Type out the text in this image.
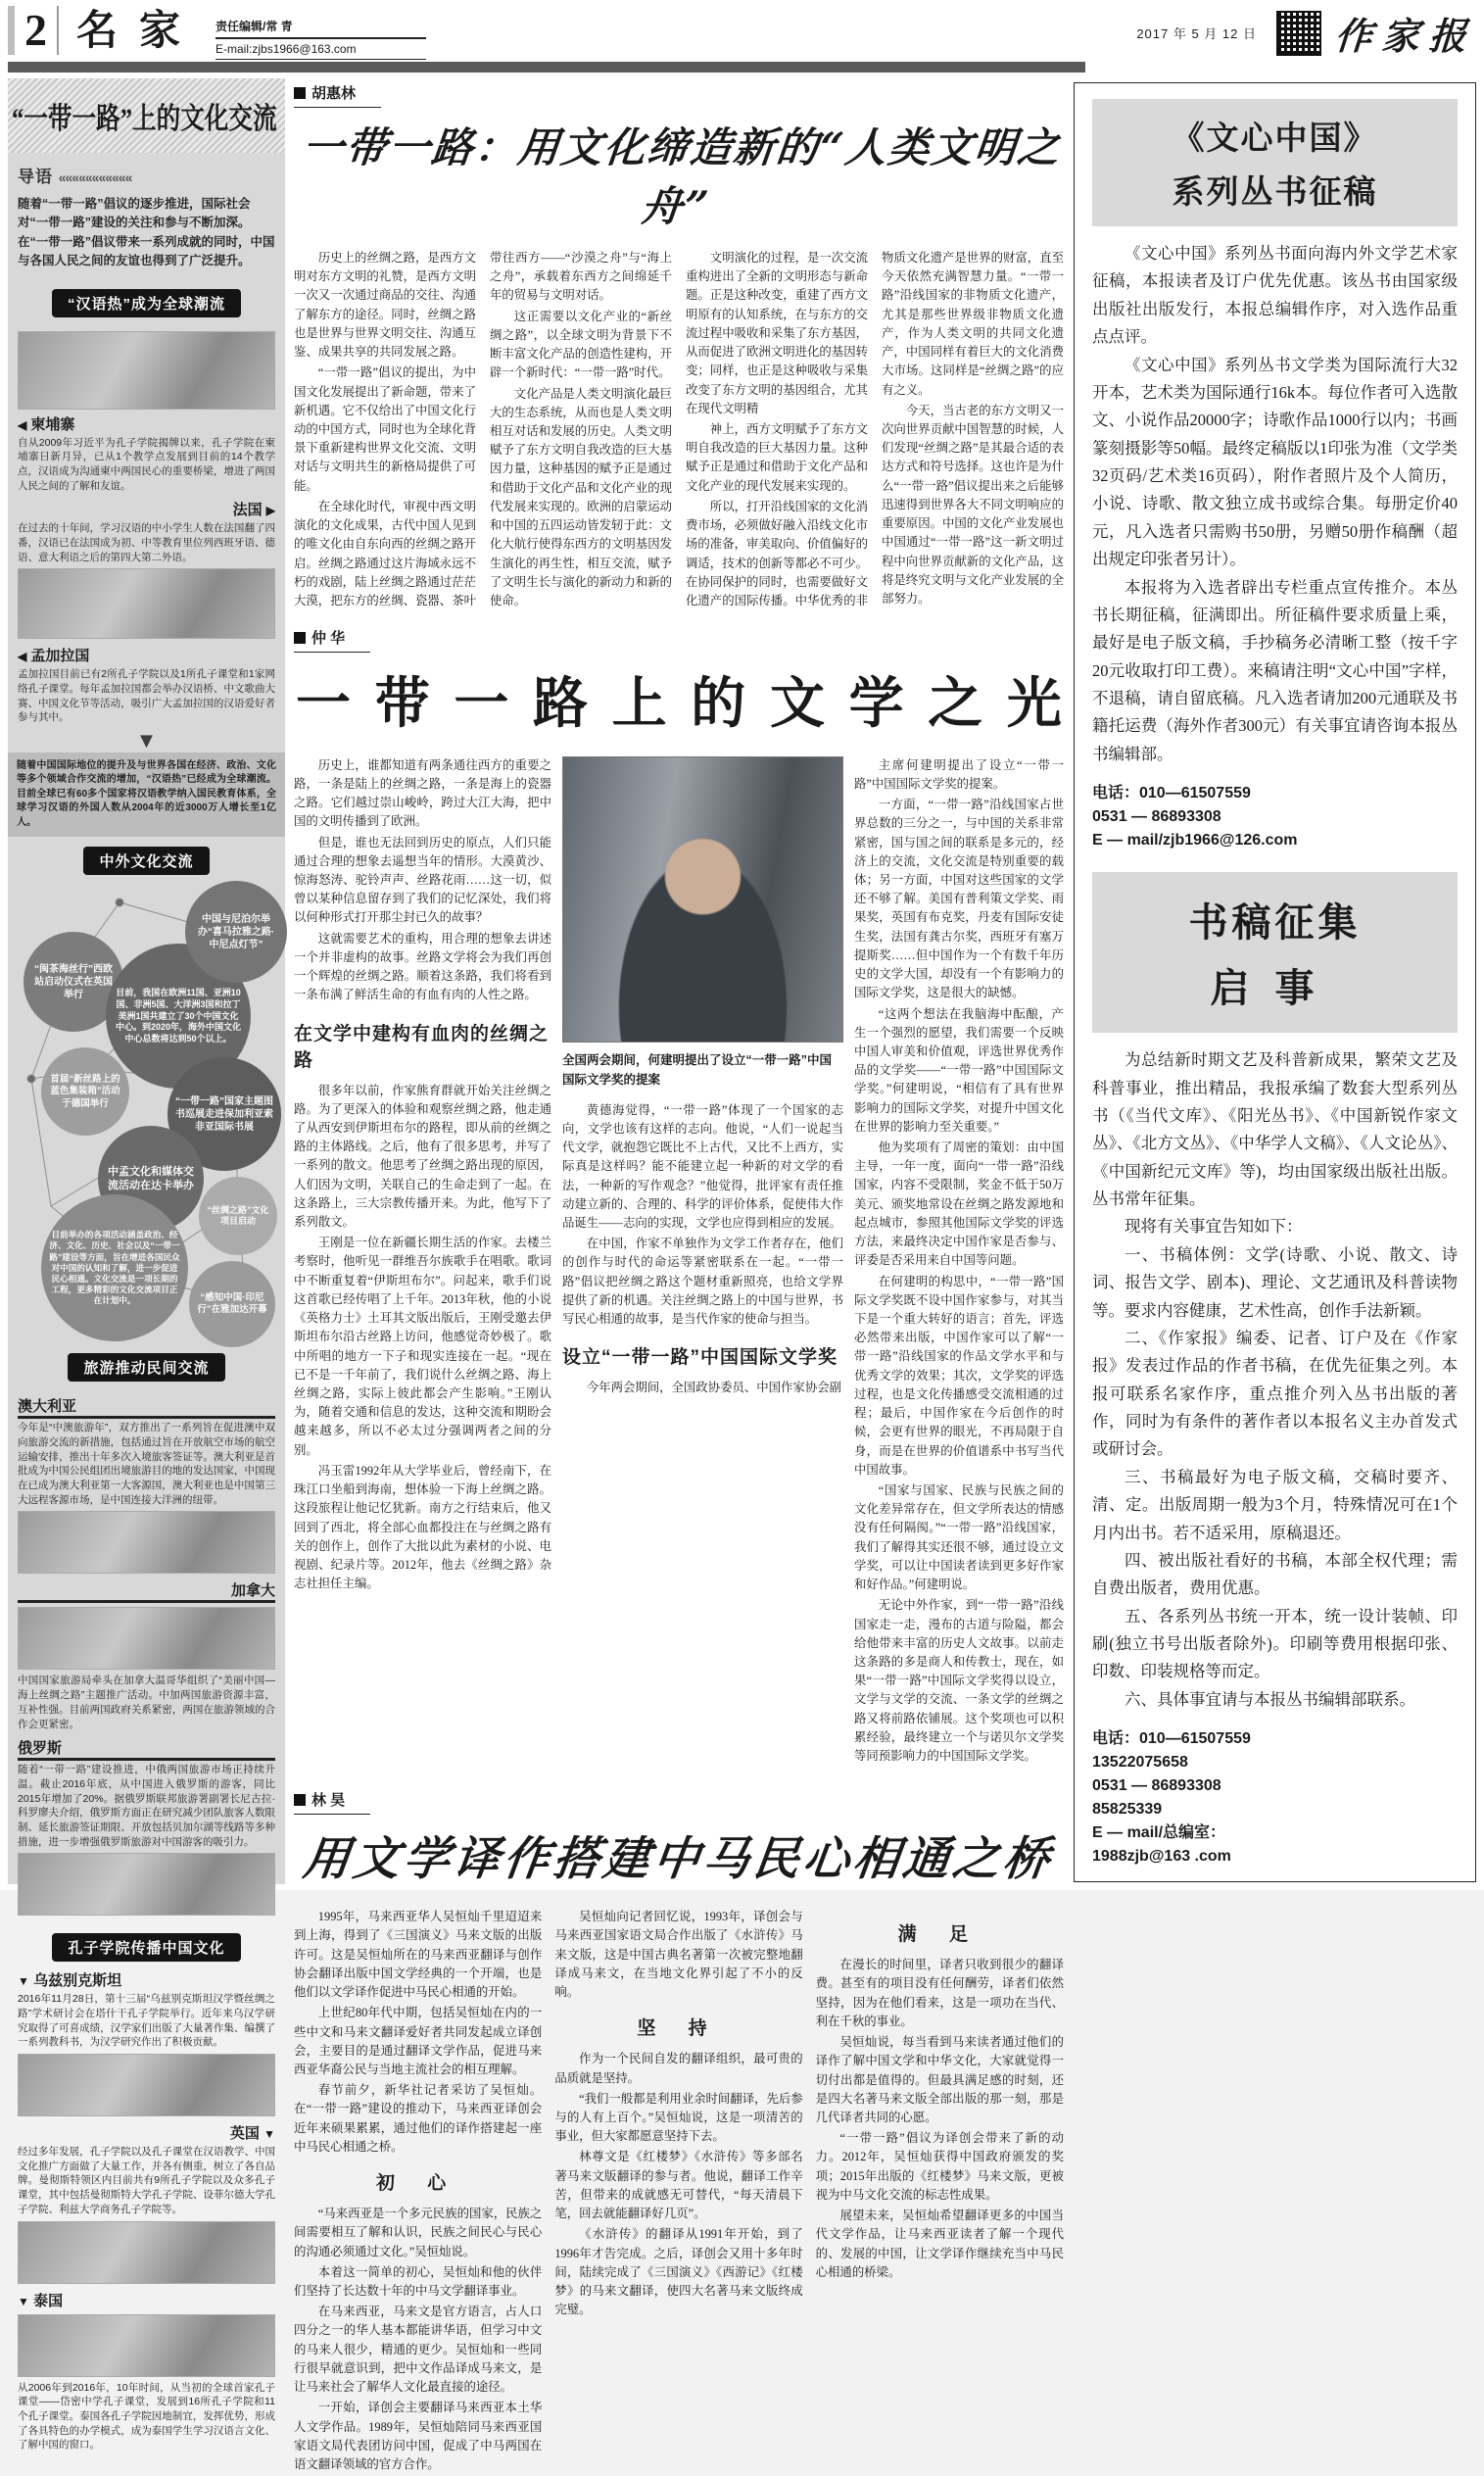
2 名家 责任编辑/常 青
E-mail:zjbs1966@163.com
2017 年 5 月 12 日 作家报
“一带一路”上的文化交流
导语 «««««««««««
随着“一带一路”倡议的逐步推进，国际社会对“一带一路”建设的关注和参与不断加深。在“一带一路”倡议带来一系列成就的同时，中国与各国人民之间的友谊也得到了广泛提升。
“汉语热”成为全球潮流
◀ 柬埔寨
自从2009年习近平为孔子学院揭牌以来，孔子学院在柬埔寨日新月异，已从1个教学点发展到目前的14个教学点，汉语成为沟通柬中两国民心的重要桥梁，增进了两国人民之间的了解和友谊。
法国 ▶
在过去的十年间，学习汉语的中小学生人数在法国翻了四番，汉语已在法国成为初、中等教育里位列西班牙语、德语、意大利语之后的第四大第二外语。
◀ 孟加拉国
孟加拉国目前已有2所孔子学院以及1所孔子课堂和1家网络孔子课堂。每年孟加拉国都会举办汉语桥、中文歌曲大赛、中国文化节等活动，吸引广大孟加拉国的汉语爱好者参与其中。
▼
随着中国国际地位的提升及与世界各国在经济、政治、文化等多个领域合作交流的增加，“汉语热”已经成为全球潮流。目前全球已有60多个国家将汉语教学纳入国民教育体系，全球学习汉语的外国人数从2004年的近3000万人增长至1亿人。
中外文化交流
“闽茶海丝行”西欧站启动仪式在英国举行	目前，我国在欧洲11国、亚洲10国、非洲5国、大洋洲3国和拉丁美洲1国共建立了30个中国文化中心。到2020年，海外中国文化中心总数将达到50个以上。
中国与尼泊尔举办“喜马拉雅之路·中尼点灯节”
首届“新丝路上的蓝色集装箱”活动于德国举行	“一带一路”国家主题图书巡展走进保加利亚索非亚国际书展
中孟文化和媒体交流活动在达卡举办
“丝绸之路”文化项目启动
目前举办的各项活动涵盖政治、经济、文化、历史、社会以及“一带一路”建设等方面，旨在增进各国民众对中国的认知和了解，进一步促进民心相通。文化交流是一项长期的工程，更多精彩的文化交流项目正在计划中。	“感知中国·印尼行”在雅加达开幕
旅游推动民间交流
澳大利亚
今年是“中澳旅游年”，双方推出了一系列旨在促进澳中双向旅游交流的新措施，包括通过旨在开放航空市场的航空运输安排，推出十年多次入境旅客签证等。澳大利亚是首批成为中国公民组团出境旅游目的地的发达国家，中国现在已成为澳大利亚第一大客源国，澳大利亚也是中国第三大远程客源市场，是中国连接大洋洲的纽带。
加拿大
中国国家旅游局牵头在加拿大温哥华组织了“美丽中国—海上丝绸之路”主题推广活动。中加两国旅游资源丰富，互补性强。目前两国政府关系紧密，两国在旅游领域的合作会更紧密。
俄罗斯
随着“一带一路”建设推进，中俄两国旅游市场正持续升温。截止2016年底，从中国进入俄罗斯的游客，同比2015年增加了20%。据俄罗斯联邦旅游署副署长尼古拉·科罗廖夫介绍，俄罗斯方面正在研究减少团队旅客人数限制、延长旅游签证期限、开放包括贝加尔湖等线路等多种措施，进一步增强俄罗斯旅游对中国游客的吸引力。
孔子学院传播中国文化
▼ 乌兹别克斯坦
2016年11月28日，第十三届“乌兹别克斯坦汉学暨丝绸之路”学术研讨会在塔什干孔子学院举行。近年来乌汉学研究取得了可喜成绩，汉学家们出版了大量著作集、编撰了一系列教科书，为汉学研究作出了积极贡献。
英国 ▼
经过多年发展，孔子学院以及孔子课堂在汉语教学、中国文化推广方面做了大量工作，并各有侧重，树立了各自品牌。曼彻斯特领区内目前共有9所孔子学院以及众多孔子课堂，其中包括曼彻斯特大学孔子学院、设菲尔德大学孔子学院、利兹大学商务孔子学院等。
▼ 泰国
从2006年到2016年，10年时间，从当初的全球首家孔子课堂——岱密中学孔子课堂，发展到16所孔子学院和11个孔子课堂。泰国各孔子学院因地制宜，发挥优势，形成了各具特色的办学模式，成为泰国学生学习汉语言文化、了解中国的窗口。
胡惠林
一带一路：用文化缔造新的“人类文明之舟”

历史上的丝绸之路，是西方文明对东方文明的礼赞，是西方文明一次又一次通过商品的交往、沟通了解东方的途径。同时，丝绸之路也是世界与世界文明交往、沟通互鉴、成果共享的共同发展之路。

“一带一路”倡议的提出，为中国文化发展提出了新命题，带来了新机遇。它不仅给出了中国文化行动的中国方式，同时也为全球化背景下重新建构世界文化交流、文明对话与文明共生的新格局提供了可能。

在全球化时代，审视中西文明演化的文化成果，古代中国人见到的唯文化由自东向西的丝绸之路开启。丝绸之路通过这片海域永远不朽的戏剧，陆上丝绸之路通过茫茫大漠，把东方的丝绸、瓷器、茶叶带往西方——“沙漠之舟”与“海上之舟”，承载着东西方之间绵延千年的贸易与文明对话。

这正需要以文化产业的“新丝绸之路”，以全球文明为背景下不断丰富文化产品的创造性建构，开辟一个新时代：“一带一路”时代。

文化产品是人类文明演化最巨大的生态系统，从而也是人类文明相互对话和发展的历史。人类文明赋予了东方文明自我改造的巨大基因力量，这种基因的赋予正是通过和借助于文化产品和文化产业的现代发展来实现的。欧洲的启蒙运动和中国的五四运动皆发轫于此：文化大航行使得东西方的文明基因发生演化的再生性，相互交流，赋予了文明生长与演化的新动力和新的使命。

文明演化的过程，是一次交流重构进出了全新的文明形态与新命题。正是这种改变，重建了西方文明原有的认知系统，在与东方的交流过程中吸收和采集了东方基因，从而促进了欧洲文明进化的基因转变；同样，也正是这种吸收与采集改变了东方文明的基因组合，尤其在现代文明精

神上，西方文明赋予了东方文明自我改造的巨大基因力量。这种赋予正是通过和借助于文化产品和文化产业的现代发展来实现的。

所以，打开沿线国家的文化消费市场，必须做好融入沿线文化市场的准备，审美取向、价值偏好的调适，技术的创新等都必不可少。在协同保护的同时，也需要做好文化遗产的国际传播。中华优秀的非物质文化遗产是世界的财富，直至今天依然充满智慧力量。“一带一路”沿线国家的非物质文化遗产，尤其是那些世界级非物质文化遗产，作为人类文明的共同文化遗产，中国同样有着巨大的文化消费大市场。这同样是“丝绸之路”的应有之义。

今天，当古老的东方文明又一次向世界贡献中国智慧的时候，人们发现“丝绸之路”是其最合适的表达方式和符号选择。这也许是为什么“一带一路”倡议提出来之后能够迅速得到世界各大不同文明响应的重要原因。中国的文化产业发展也中国通过“一带一路”这一新文明过程中向世界贡献新的文化产品，这将是终究文明与文化产业发展的全部努力。

仲 华
一 带 一 路 上 的 文 学 之 光

历史上，谁都知道有两条通往西方的重要之路，一条是陆上的丝绸之路，一条是海上的瓷器之路。它们越过崇山峻岭，跨过大江大海，把中国的文明传播到了欧洲。

但是，谁也无法回到历史的原点，人们只能通过合理的想象去遥想当年的情形。大漠黄沙、惊海怒涛、驼铃声声、丝路花雨……这一切，似曾以某种信息留存到了我们的记忆深处，我们将以何种形式打开那尘封已久的故事？

这就需要艺术的重构，用合理的想象去讲述一个并非虚构的故事。丝路文学将会为我们再创一个辉煌的丝绸之路。顺着这条路，我们将看到一条布满了鲜活生命的有血有肉的人性之路。

在文学中建构有血肉的丝绸之路

很多年以前，作家熊育群就开始关注丝绸之路。为了更深入的体验和观察丝绸之路，他走通了从西安到伊斯坦布尔的路程，即从前的丝绸之路的主体路线。之后，他有了很多思考，并写了一系列的散文。他思考了丝绸之路出现的原因，人们因为文明，关联自己的生命走到了一起。在这条路上，三大宗教传播开来。为此，他写下了系列散文。

王刚是一位在新疆长期生活的作家。去楼兰考察时，他听见一群维吾尔族歌手在唱歌。歌词中不断重复着“伊斯坦布尔”。问起来，歌手们说这首歌已经传唱了上千年。2013年秋，他的小说《英格力士》土耳其文版出版后，王刚受邀去伊斯坦布尔沿古丝路上访问，他感觉奇妙极了。歌中所唱的地方一下子和现实连接在一起。“现在已不是一千年前了，我们说什么丝绸之路、海上丝绸之路，实际上彼此都会产生影响。”王刚认为，随着交通和信息的发达，这种交流和期盼会越来越多，所以不必太过分强调两者之间的分别。

冯玉雷1992年从大学毕业后，曾经南下，在珠江口坐船到海南，想体验一下海上丝绸之路。这段旅程让他记忆犹新。南方之行结束后，他又回到了西北，将全部心血都投注在与丝绸之路有关的创作上，创作了大批以此为素材的小说、电视剧、纪录片等。2012年，他去《丝绸之路》杂志社担任主编。

全国两会期间，何建明提出了设立“一带一路”中国国际文学奖的提案

黄德海觉得，“一带一路”体现了一个国家的志向，文学也该有这样的志向。他说，“人们一说起当代文学，就抱怨它既比不上古代，又比不上西方，实际真是这样吗？能不能建立起一种新的对文学的看法，一种新的写作观念？”他觉得，批评家有责任推动建立新的、合理的、科学的评价体系，促使伟大作品诞生——志向的实现，文学也应得到相应的发展。

在中国，作家不单独作为文学工作者存在，他们的创作与时代的命运等紧密联系在一起。“一带一路”倡议把丝绸之路这个题材重新照亮，也给文学界提供了新的机遇。关注丝绸之路上的中国与世界，书写民心相通的故事，是当代作家的使命与担当。

设立“一带一路”中国国际文学奖

今年两会期间，全国政协委员、中国作家协会副

主席何建明提出了设立“一带一路”中国国际文学奖的提案。

一方面，“一带一路”沿线国家占世界总数的三分之一，与中国的关系非常紧密，国与国之间的联系是多元的，经济上的交流，文化交流是特别重要的载体；另一方面，中国对这些国家的文学还不够了解。美国有普利策文学奖、雨果奖，英国有布克奖，丹麦有国际安徒生奖，法国有龚古尔奖，西班牙有塞万提斯奖……但中国作为一个有数千年历史的文学大国，却没有一个有影响力的国际文学奖，这是很大的缺憾。

“这两个想法在我脑海中酝酿，产生一个强烈的愿望，我们需要一个反映中国人审美和价值观，评选世界优秀作品的文学奖——“一带一路”中国国际文学奖。”何建明说，“相信有了具有世界影响力的国际文学奖，对提升中国文化在世界的影响力至关重要。”

他为奖项有了周密的策划：由中国主导，一年一度，面向“一带一路”沿线国家，内容不受限制，奖金不低于50万美元、颁奖地常设在丝绸之路发源地和起点城市，参照其他国际文学奖的评选方法，来最终决定中国作家是否参与、评委是否采用来自中国等问题。

在何建明的构思中，“一带一路”国际文学奖既不设中国作家参与，对其当下是一个重大转好的语言；首先，评选必然带来出版，中国作家可以了解“一带一路”沿线国家的作品文学水平和与优秀文学的效果；其次，文学奖的评选过程，也是文化传播感受交流相通的过程；最后，中国作家在今后创作的时候，会更有世界的眼光，不再局限于自身，而是在世界的价值谱系中书写当代中国故事。

“国家与国家、民族与民族之间的文化差异常存在，但文学所表达的情感没有任何隔阂。”“一带一路”沿线国家，我们了解得其实还很不够，通过设立文学奖，可以让中国读者读到更多好作家和好作品。”何建明说。

无论中外作家，到“一带一路”沿线国家走一走，漫布的古道与险隘，都会给他带来丰富的历史人文故事。以前走这条路的多是商人和传教士，现在，如果“一带一路”中国际文学奖得以设立，文学与文学的交流、一条文学的丝绸之路又将前路依铺展。这个奖项也可以积累经验，最终建立一个与诺贝尔文学奖等同预影响力的中国国际文学奖。

林 昊
用文学译作搭建中马民心相通之桥

1995年，马来西亚华人吴恒灿千里迢迢来到上海，得到了《三国演义》马来文版的出版许可。这是吴恒灿所在的马来西亚翻译与创作协会翻译出版中国文学经典的一个开端，也是他们以文学译作促进中马民心相通的开始。

上世纪80年代中期，包括吴恒灿在内的一些中文和马来文翻译爱好者共同发起成立译创会，主要目的是通过翻译文学作品，促进马来西亚华裔公民与当地主流社会的相互理解。

春节前夕，新华社记者采访了吴恒灿。在“一带一路”建设的推动下，马来西亚译创会近年来硕果累累，通过他们的译作搭建起一座中马民心相通之桥。

初 心

“马来西亚是一个多元民族的国家，民族之间需要相互了解和认识，民族之间民心与民心的沟通必须通过文化。”吴恒灿说。

本着这一简单的初心，吴恒灿和他的伙伴们坚持了长达数十年的中马文学翻译事业。

在马来西亚，马来文是官方语言，占人口四分之一的华人基本都能讲华语，但学习中文的马来人很少，精通的更少。吴恒灿和一些同行很早就意识到，把中文作品译成马来文，是让马来社会了解华人文化最直接的途径。

一开始，译创会主要翻译马来西亚本土华人文学作品。1989年，吴恒灿陪同马来西亚国家语文局代表团访问中国，促成了中马两国在语文翻译领域的官方合作。

吴恒灿向记者回忆说，1993年，译创会与马来西亚国家语文局合作出版了《水浒传》马来文版，这是中国古典名著第一次被完整地翻译成马来文，在当地文化界引起了不小的反响。

坚 持

作为一个民间自发的翻译组织，最可贵的品质就是坚持。

“我们一般都是利用业余时间翻译，先后参与的人有上百个。”吴恒灿说，这是一项清苦的事业，但大家都愿意坚持下去。

林尊文是《红楼梦》《水浒传》等多部名著马来文版翻译的参与者。他说，翻译工作辛苦，但带来的成就感无可替代，“每天清晨下笔，回去就能翻译好几页”。

《水浒传》的翻译从1991年开始，到了1996年才告完成。之后，译创会又用十多年时间，陆续完成了《三国演义》《西游记》《红楼梦》的马来文翻译，使四大名著马来文版终成完璧。

满 足

在漫长的时间里，译者只收到很少的翻译费。甚至有的项目没有任何酬劳，译者们依然坚持，因为在他们看来，这是一项功在当代、利在千秋的事业。

吴恒灿说，每当看到马来读者通过他们的译作了解中国文学和中华文化，大家就觉得一切付出都是值得的。但最具满足感的时刻，还是四大名著马来文版全部出版的那一刻，那是几代译者共同的心愿。

“一带一路”倡议为译创会带来了新的动力。2012年，吴恒灿获得中国政府颁发的奖项；2015年出版的《红楼梦》马来文版，更被视为中马文化交流的标志性成果。

展望未来，吴恒灿希望翻译更多的中国当代文学作品，让马来西亚读者了解一个现代的、发展的中国，让文学译作继续充当中马民心相通的桥梁。

《文心中国》
系列丛书征稿

《文心中国》系列丛书面向海内外文学艺术家征稿，本报读者及订户优先优惠。该丛书由国家级出版社出版发行，本报总编辑作序，对入选作品重点点评。

《文心中国》系列丛书文学类为国际流行大32开本，艺术类为国际通行16k本。每位作者可入选散文、小说作品20000字；诗歌作品1000行以内；书画篆刻摄影等50幅。最终定稿版以1印张为准（文学类32页码/艺术类16页码），附作者照片及个人简历，小说、诗歌、散文独立成书或综合集。每册定价40元，凡入选者只需购书50册，另赠50册作稿酬（超出规定印张者另计）。

本报将为入选者辟出专栏重点宣传推介。本丛书长期征稿，征满即出。所征稿件要求质量上乘，最好是电子版文稿，手抄稿务必清晰工整（按千字20元收取打印工费）。来稿请注明“文心中国”字样，不退稿，请自留底稿。凡入选者请加200元通联及书籍托运费（海外作者300元）有关事宜请咨询本报丛书编辑部。

电话：010—61507559

0531 — 86893308

E — mail/zjb1966@126.com

书稿征集
启事

为总结新时期文艺及科普新成果，繁荣文艺及科普事业，推出精品，我报承编了数套大型系列丛书（《当代文库》、《阳光丛书》、《中国新锐作家文丛》、《北方文丛》、《中华学人文稿》、《人文论丛》、《中国新纪元文库》等)，均由国家级出版社出版。丛书常年征集。

现将有关事宜告知如下：

一、书稿体例：文学(诗歌、小说、散文、诗词、报告文学、剧本)、理论、文艺通讯及科普读物等。要求内容健康，艺术性高，创作手法新颖。

二、《作家报》编委、记者、订户及在《作家报》发表过作品的作者书稿，在优先征集之列。本报可联系名家作序，重点推介列入丛书出版的著作，同时为有条件的著作者以本报名义主办首发式或研讨会。

三、书稿最好为电子版文稿，交稿时要齐、清、定。出版周期一般为3个月，特殊情况可在1个月内出书。若不适采用，原稿退还。

四、被出版社看好的书稿，本部全权代理；需自费出版者，费用优惠。

五、各系列丛书统一开本，统一设计装帧、印刷(独立书号出版者除外)。印刷等费用根据印张、印数、印装规格等而定。

六、具体事宜请与本报丛书编辑部联系。

电话：010—61507559

13522075658

0531 — 86893308

85825339

E — mail/总编室：

1988zjb@163 .com
